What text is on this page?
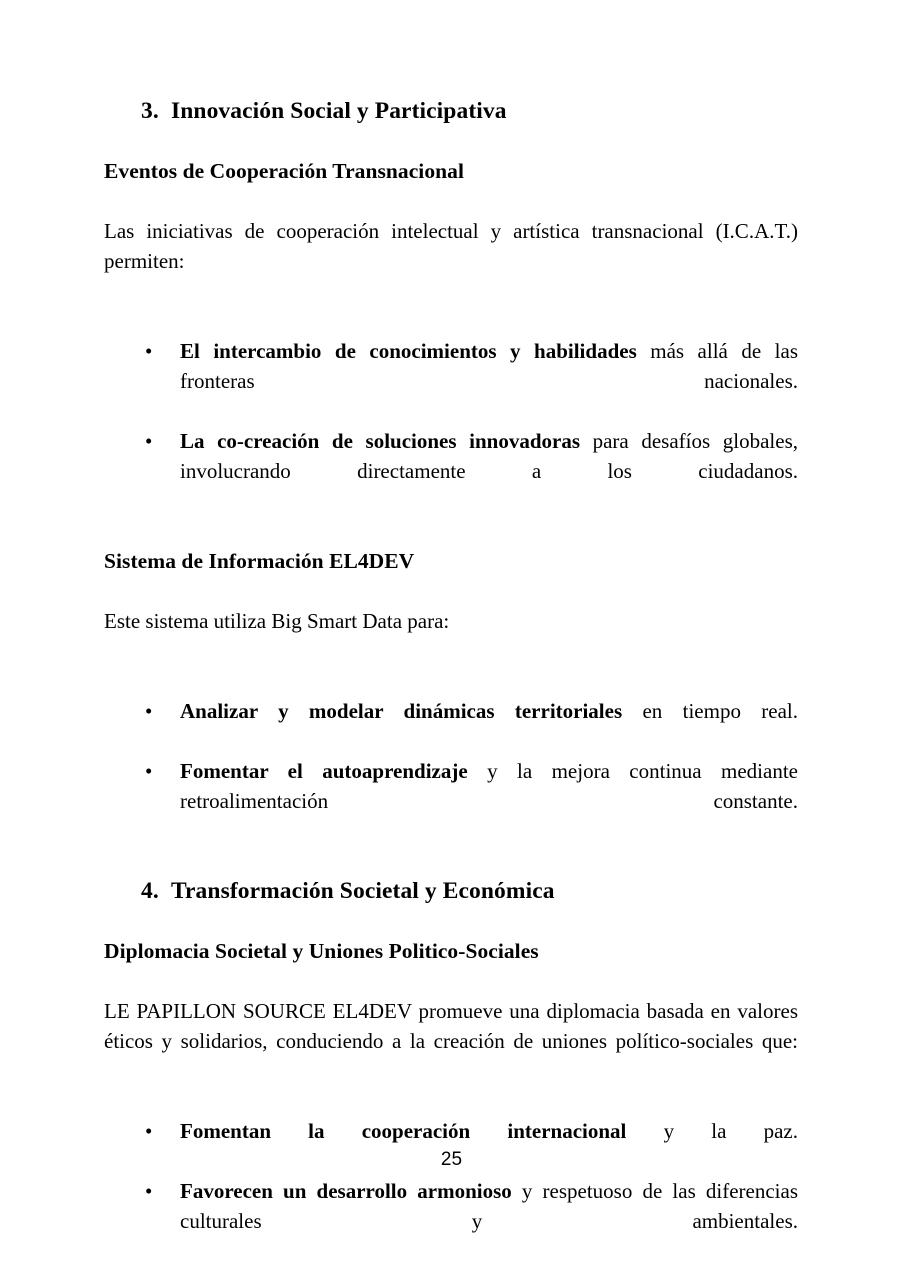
3. Innovación Social y Participativa
Eventos de Cooperación Transnacional

Las iniciativas de cooperación intelectual y artística transnacional (I.C.A.T.) permiten:

• El intercambio de conocimientos y habilidades más allá de las fronteras nacionales.
• La co-creación de soluciones innovadoras para desafíos globales, involucrando directamente a los ciudadanos.
Sistema de Información EL4DEV

Este sistema utiliza Big Smart Data para:

• Analizar y modelar dinámicas territoriales en tiempo real.
• Fomentar el autoaprendizaje y la mejora continua mediante retroalimentación constante.
4. Transformación Societal y Económica
Diplomacia Societal y Uniones Politico-Sociales

LE PAPILLON SOURCE EL4DEV promueve una diplomacia basada en valores éticos y solidarios, conduciendo a la creación de uniones político-sociales que:

• Fomentan la cooperación internacional y la paz.
• Favorecen un desarrollo armonioso y respetuoso de las diferencias culturales y ambientales.
25
